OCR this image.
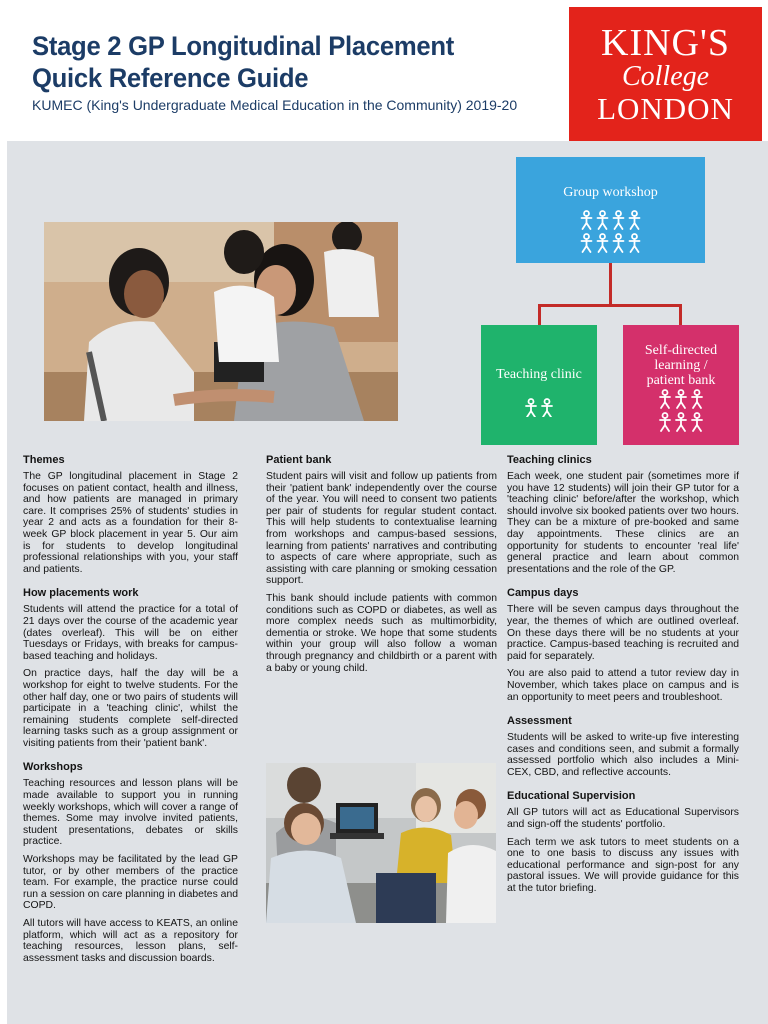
Stage 2 GP Longitudinal Placement
Quick Reference Guide
KUMEC (King's Undergraduate Medical Education in the Community) 2019-20
KING'S
College
LONDON
Group workshop
Teaching clinic
Self-directed
learning /
patient bank
Themes

The GP longitudinal placement in Stage 2 focuses on patient contact, health and illness, and how patients are managed in primary care. It comprises 25% of students' studies in year 2 and acts as a foundation for their 8-week GP block placement in year 5. Our aim is for students to develop longitudinal professional relationships with you, your staff and patients.

How placements work

Students will attend the practice for a total of 21 days over the course of the academic year (dates overleaf). This will be on either Tuesdays or Fridays, with breaks for campus-based teaching and holidays.

On practice days, half the day will be a workshop for eight to twelve students. For the other half day, one or two pairs of students will participate in a 'teaching clinic', whilst the remaining students complete self-directed learning tasks such as a group assignment or visiting patients from their 'patient bank'.

Workshops

Teaching resources and lesson plans will be made available to support you in running weekly workshops, which will cover a range of themes. Some may involve invited patients, student presentations, debates or skills practice.

Workshops may be facilitated by the lead GP tutor, or by other members of the practice team. For example, the practice nurse could run a session on care planning in diabetes and COPD.

All tutors will have access to KEATS, an online platform, which will act as a repository for teaching resources, lesson plans, self-assessment tasks and discussion boards.

Patient bank

Student pairs will visit and follow up patients from their 'patient bank' independently over the course of the year. You will need to consent two patients per pair of students for regular student contact. This will help students to contextualise learning from workshops and campus-based sessions, learning from patients' narratives and contributing to aspects of care where appropriate, such as assisting with care planning or smoking cessation support.

This bank should include patients with common conditions such as COPD or diabetes, as well as more complex needs such as multimorbidity, dementia or stroke. We hope that some students within your group will also follow a woman through pregnancy and childbirth or a parent with a baby or young child.

Teaching clinics

Each week, one student pair (sometimes more if you have 12 students) will join their GP tutor for a 'teaching clinic' before/after the workshop, which should involve six booked patients over two hours. They can be a mixture of pre-booked and same day appointments. These clinics are an opportunity for students to encounter 'real life' general practice and learn about common presentations and the role of the GP.

Campus days

There will be seven campus days throughout the year, the themes of which are outlined overleaf. On these days there will be no students at your practice. Campus-based teaching is recruited and paid for separately.

You are also paid to attend a tutor review day in November, which takes place on campus and is an opportunity to meet peers and troubleshoot.

Assessment

Students will be asked to write-up five interesting cases and conditions seen, and submit a formally assessed portfolio which also includes a Mini-CEX, CBD, and reflective accounts.

Educational Supervision

All GP tutors will act as Educational Supervisors and sign-off the students' portfolio.

Each term we ask tutors to meet students on a one to one basis to discuss any issues with educational performance and sign-post for any pastoral issues. We will provide guidance for this at the tutor briefing.
